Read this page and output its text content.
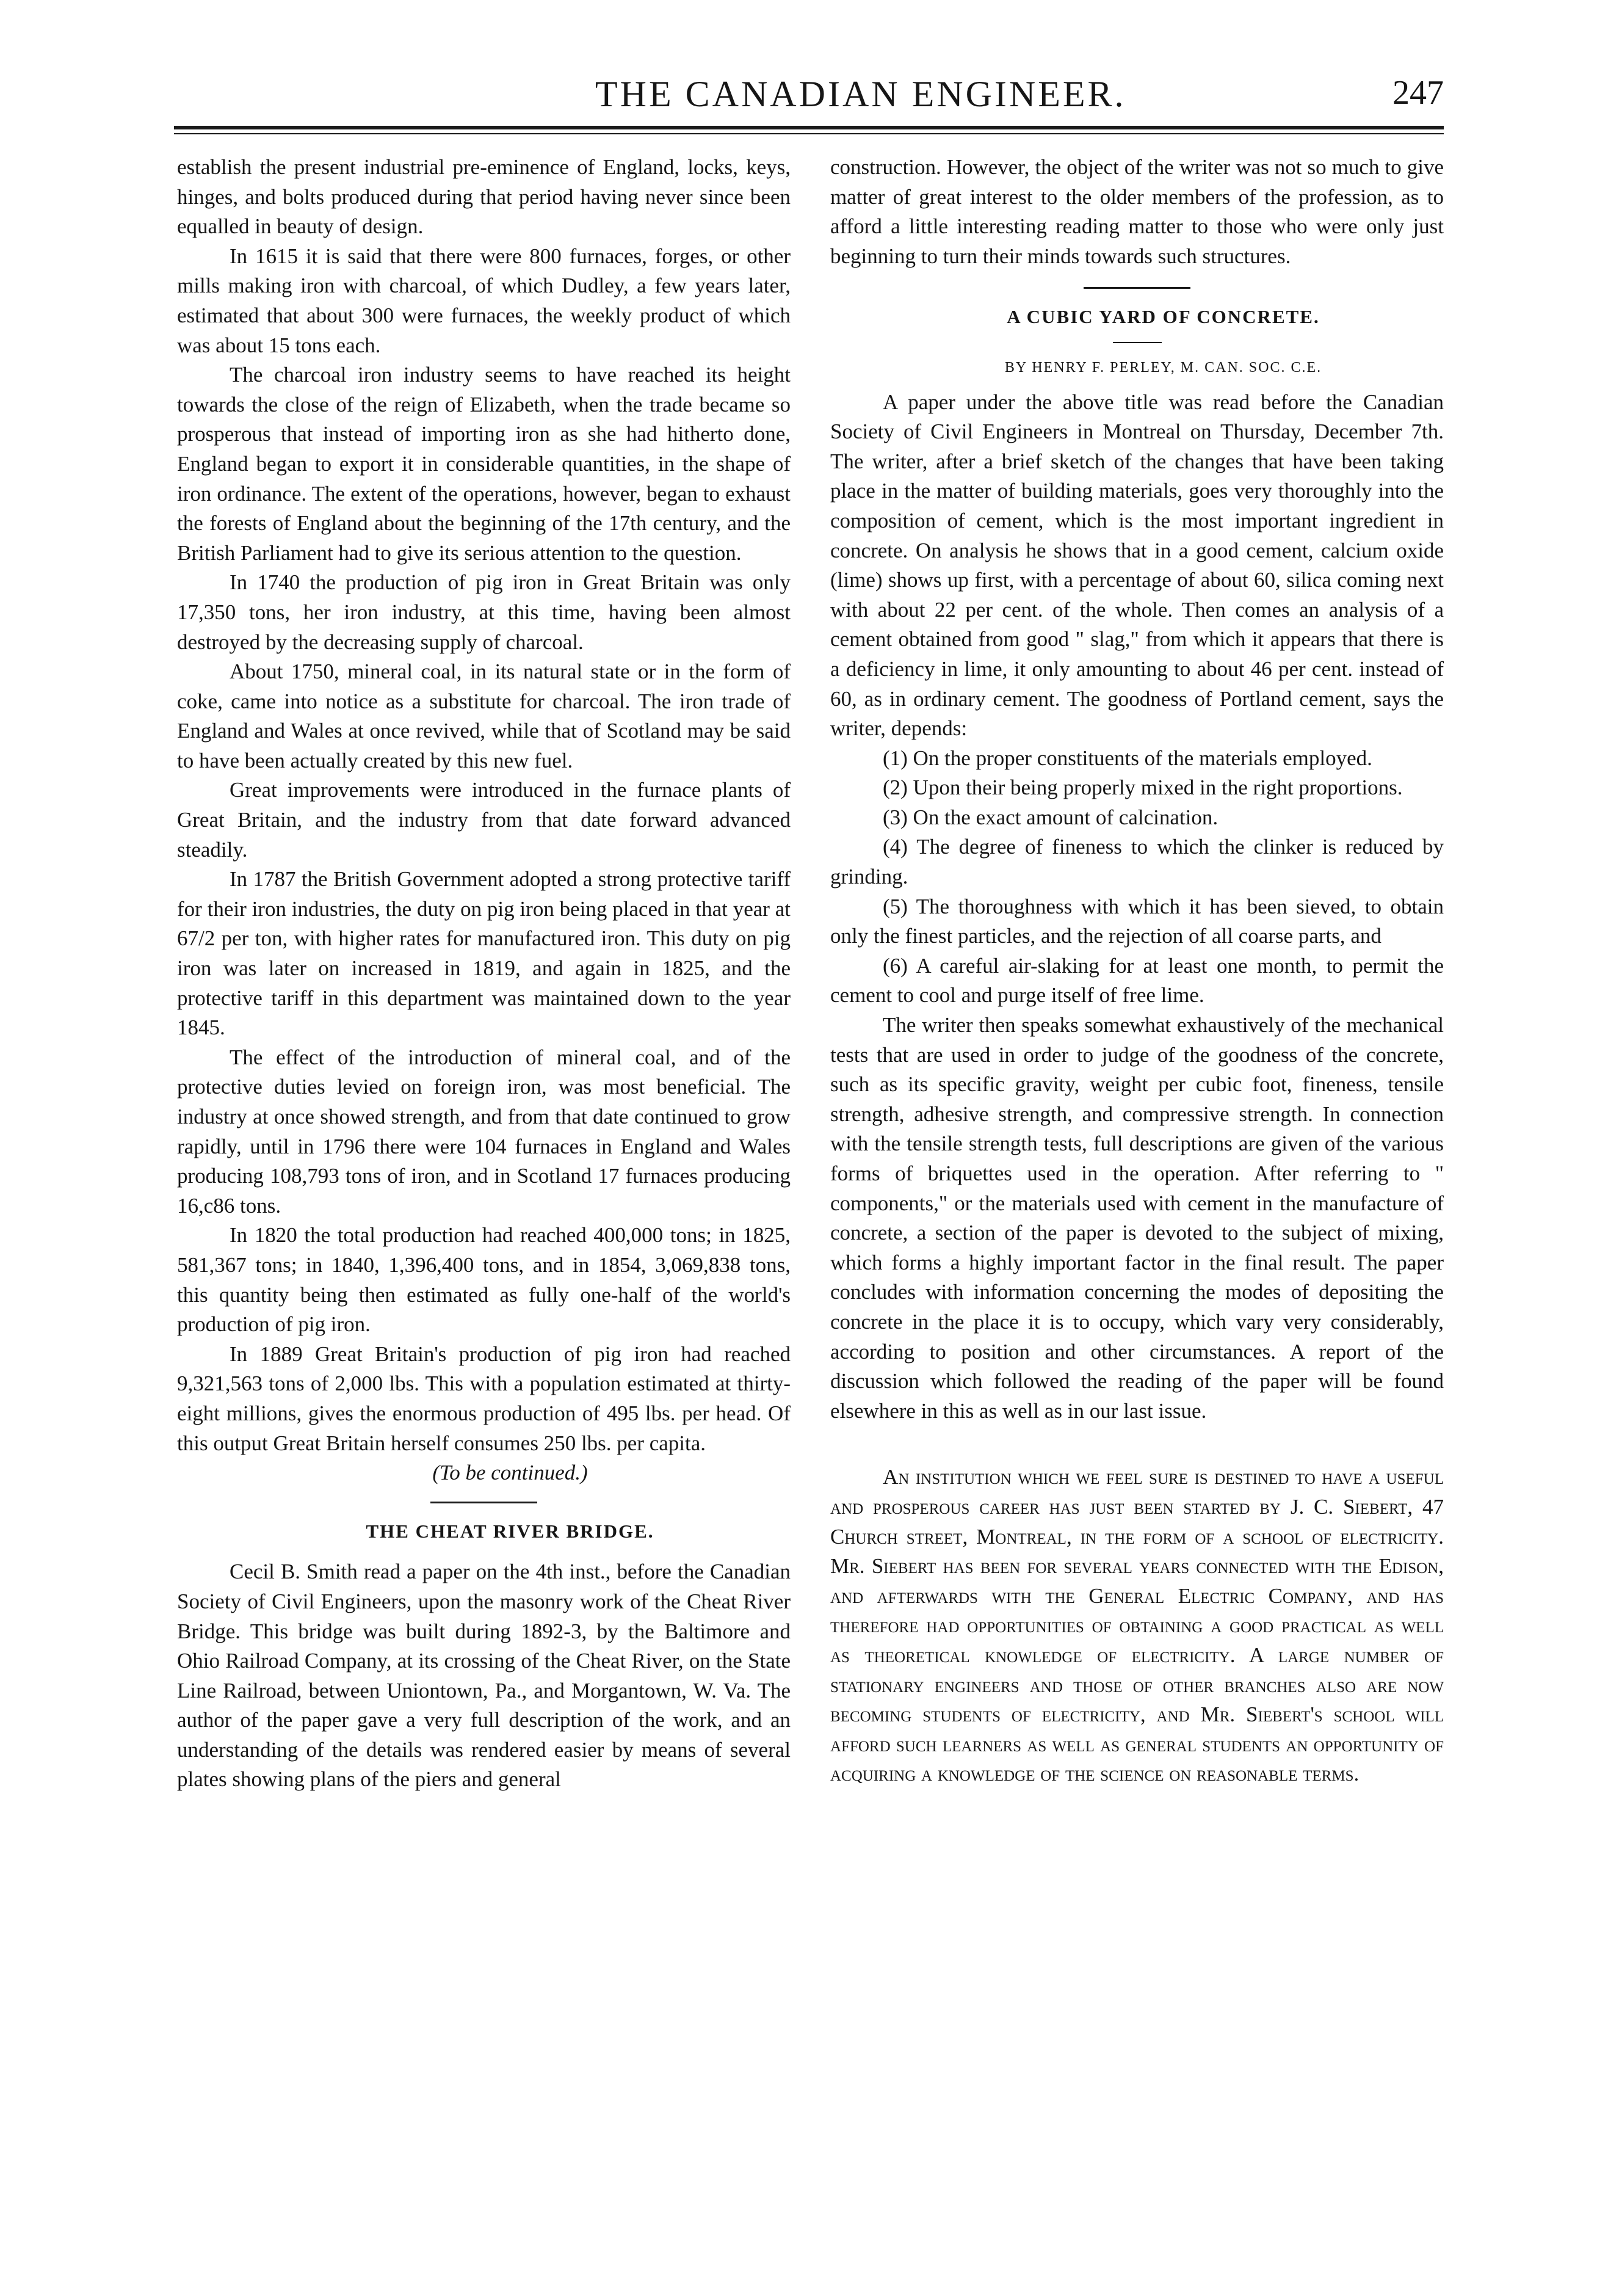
THE CANADIAN ENGINEER.	247

establish the present industrial pre-eminence of England, locks, keys, hinges, and bolts produced during that period having never since been equalled in beauty of design.

In 1615 it is said that there were 800 furnaces, forges, or other mills making iron with charcoal, of which Dudley, a few years later, estimated that about 300 were furnaces, the weekly product of which was about 15 tons each.

The charcoal iron industry seems to have reached its height towards the close of the reign of Elizabeth, when the trade became so prosperous that instead of importing iron as she had hitherto done, England began to export it in considerable quantities, in the shape of iron ordinance. The extent of the operations, however, began to exhaust the forests of England about the beginning of the 17th century, and the British Parliament had to give its serious attention to the question.

In 1740 the production of pig iron in Great Britain was only 17,350 tons, her iron industry, at this time, having been almost destroyed by the decreasing supply of charcoal.

About 1750, mineral coal, in its natural state or in the form of coke, came into notice as a substitute for charcoal. The iron trade of England and Wales at once revived, while that of Scotland may be said to have been actually created by this new fuel.

Great improvements were introduced in the furnace plants of Great Britain, and the industry from that date forward advanced steadily.

In 1787 the British Government adopted a strong protective tariff for their iron industries, the duty on pig iron being placed in that year at 67/2 per ton, with higher rates for manufactured iron. This duty on pig iron was later on increased in 1819, and again in 1825, and the protective tariff in this department was maintained down to the year 1845.

The effect of the introduction of mineral coal, and of the protective duties levied on foreign iron, was most beneficial. The industry at once showed strength, and from that date continued to grow rapidly, until in 1796 there were 104 furnaces in England and Wales producing 108,793 tons of iron, and in Scotland 17 furnaces producing 16,c86 tons.

In 1820 the total production had reached 400,000 tons; in 1825, 581,367 tons; in 1840, 1,396,400 tons, and in 1854, 3,069,838 tons, this quantity being then estimated as fully one-half of the world's production of pig iron.

In 1889 Great Britain's production of pig iron had reached 9,321,563 tons of 2,000 lbs. This with a population estimated at thirty-eight millions, gives the enormous production of 495 lbs. per head. Of this output Great Britain herself consumes 250 lbs. per capita.

(To be continued.)

THE CHEAT RIVER BRIDGE.

Cecil B. Smith read a paper on the 4th inst., before the Canadian Society of Civil Engineers, upon the masonry work of the Cheat River Bridge. This bridge was built during 1892-3, by the Baltimore and Ohio Railroad Company, at its crossing of the Cheat River, on the State Line Railroad, between Uniontown, Pa., and Morgantown, W. Va. The author of the paper gave a very full description of the work, and an understanding of the details was rendered easier by means of several plates showing plans of the piers and general

construction. However, the object of the writer was not so much to give matter of great interest to the older members of the profession, as to afford a little interesting reading matter to those who were only just beginning to turn their minds towards such structures.

A CUBIC YARD OF CONCRETE.

BY HENRY F. PERLEY, M. CAN. SOC. C.E.

A paper under the above title was read before the Canadian Society of Civil Engineers in Montreal on Thursday, December 7th. The writer, after a brief sketch of the changes that have been taking place in the matter of building materials, goes very thoroughly into the composition of cement, which is the most important ingredient in concrete. On analysis he shows that in a good cement, calcium oxide (lime) shows up first, with a percentage of about 60, silica coming next with about 22 per cent. of the whole. Then comes an analysis of a cement obtained from good " slag," from which it appears that there is a deficiency in lime, it only amounting to about 46 per cent. instead of 60, as in ordinary cement. The goodness of Portland cement, says the writer, depends:

(1) On the proper constituents of the materials employed.

(2) Upon their being properly mixed in the right proportions.

(3) On the exact amount of calcination.

(4) The degree of fineness to which the clinker is reduced by grinding.

(5) The thoroughness with which it has been sieved, to obtain only the finest particles, and the rejection of all coarse parts, and

(6) A careful air-slaking for at least one month, to permit the cement to cool and purge itself of free lime.

The writer then speaks somewhat exhaustively of the mechanical tests that are used in order to judge of the goodness of the concrete, such as its specific gravity, weight per cubic foot, fineness, tensile strength, adhesive strength, and compressive strength. In connection with the tensile strength tests, full descriptions are given of the various forms of briquettes used in the operation. After referring to " components," or the materials used with cement in the manufacture of concrete, a section of the paper is devoted to the subject of mixing, which forms a highly important factor in the final result. The paper concludes with information concerning the modes of depositing the concrete in the place it is to occupy, which vary very considerably, according to position and other circumstances. A report of the discussion which followed the reading of the paper will be found elsewhere in this as well as in our last issue.

An institution which we feel sure is destined to have a useful and prosperous career has just been started by J. C. Siebert, 47 Church street, Montreal, in the form of a school of electricity. Mr. Siebert has been for several years connected with the Edison, and afterwards with the General Electric Company, and has therefore had opportunities of obtaining a good practical as well as theoretical knowledge of electricity. A large number of stationary engineers and those of other branches also are now becoming students of electricity, and Mr. Siebert's school will afford such learners as well as general students an opportunity of acquiring a knowledge of the science on reasonable terms.
